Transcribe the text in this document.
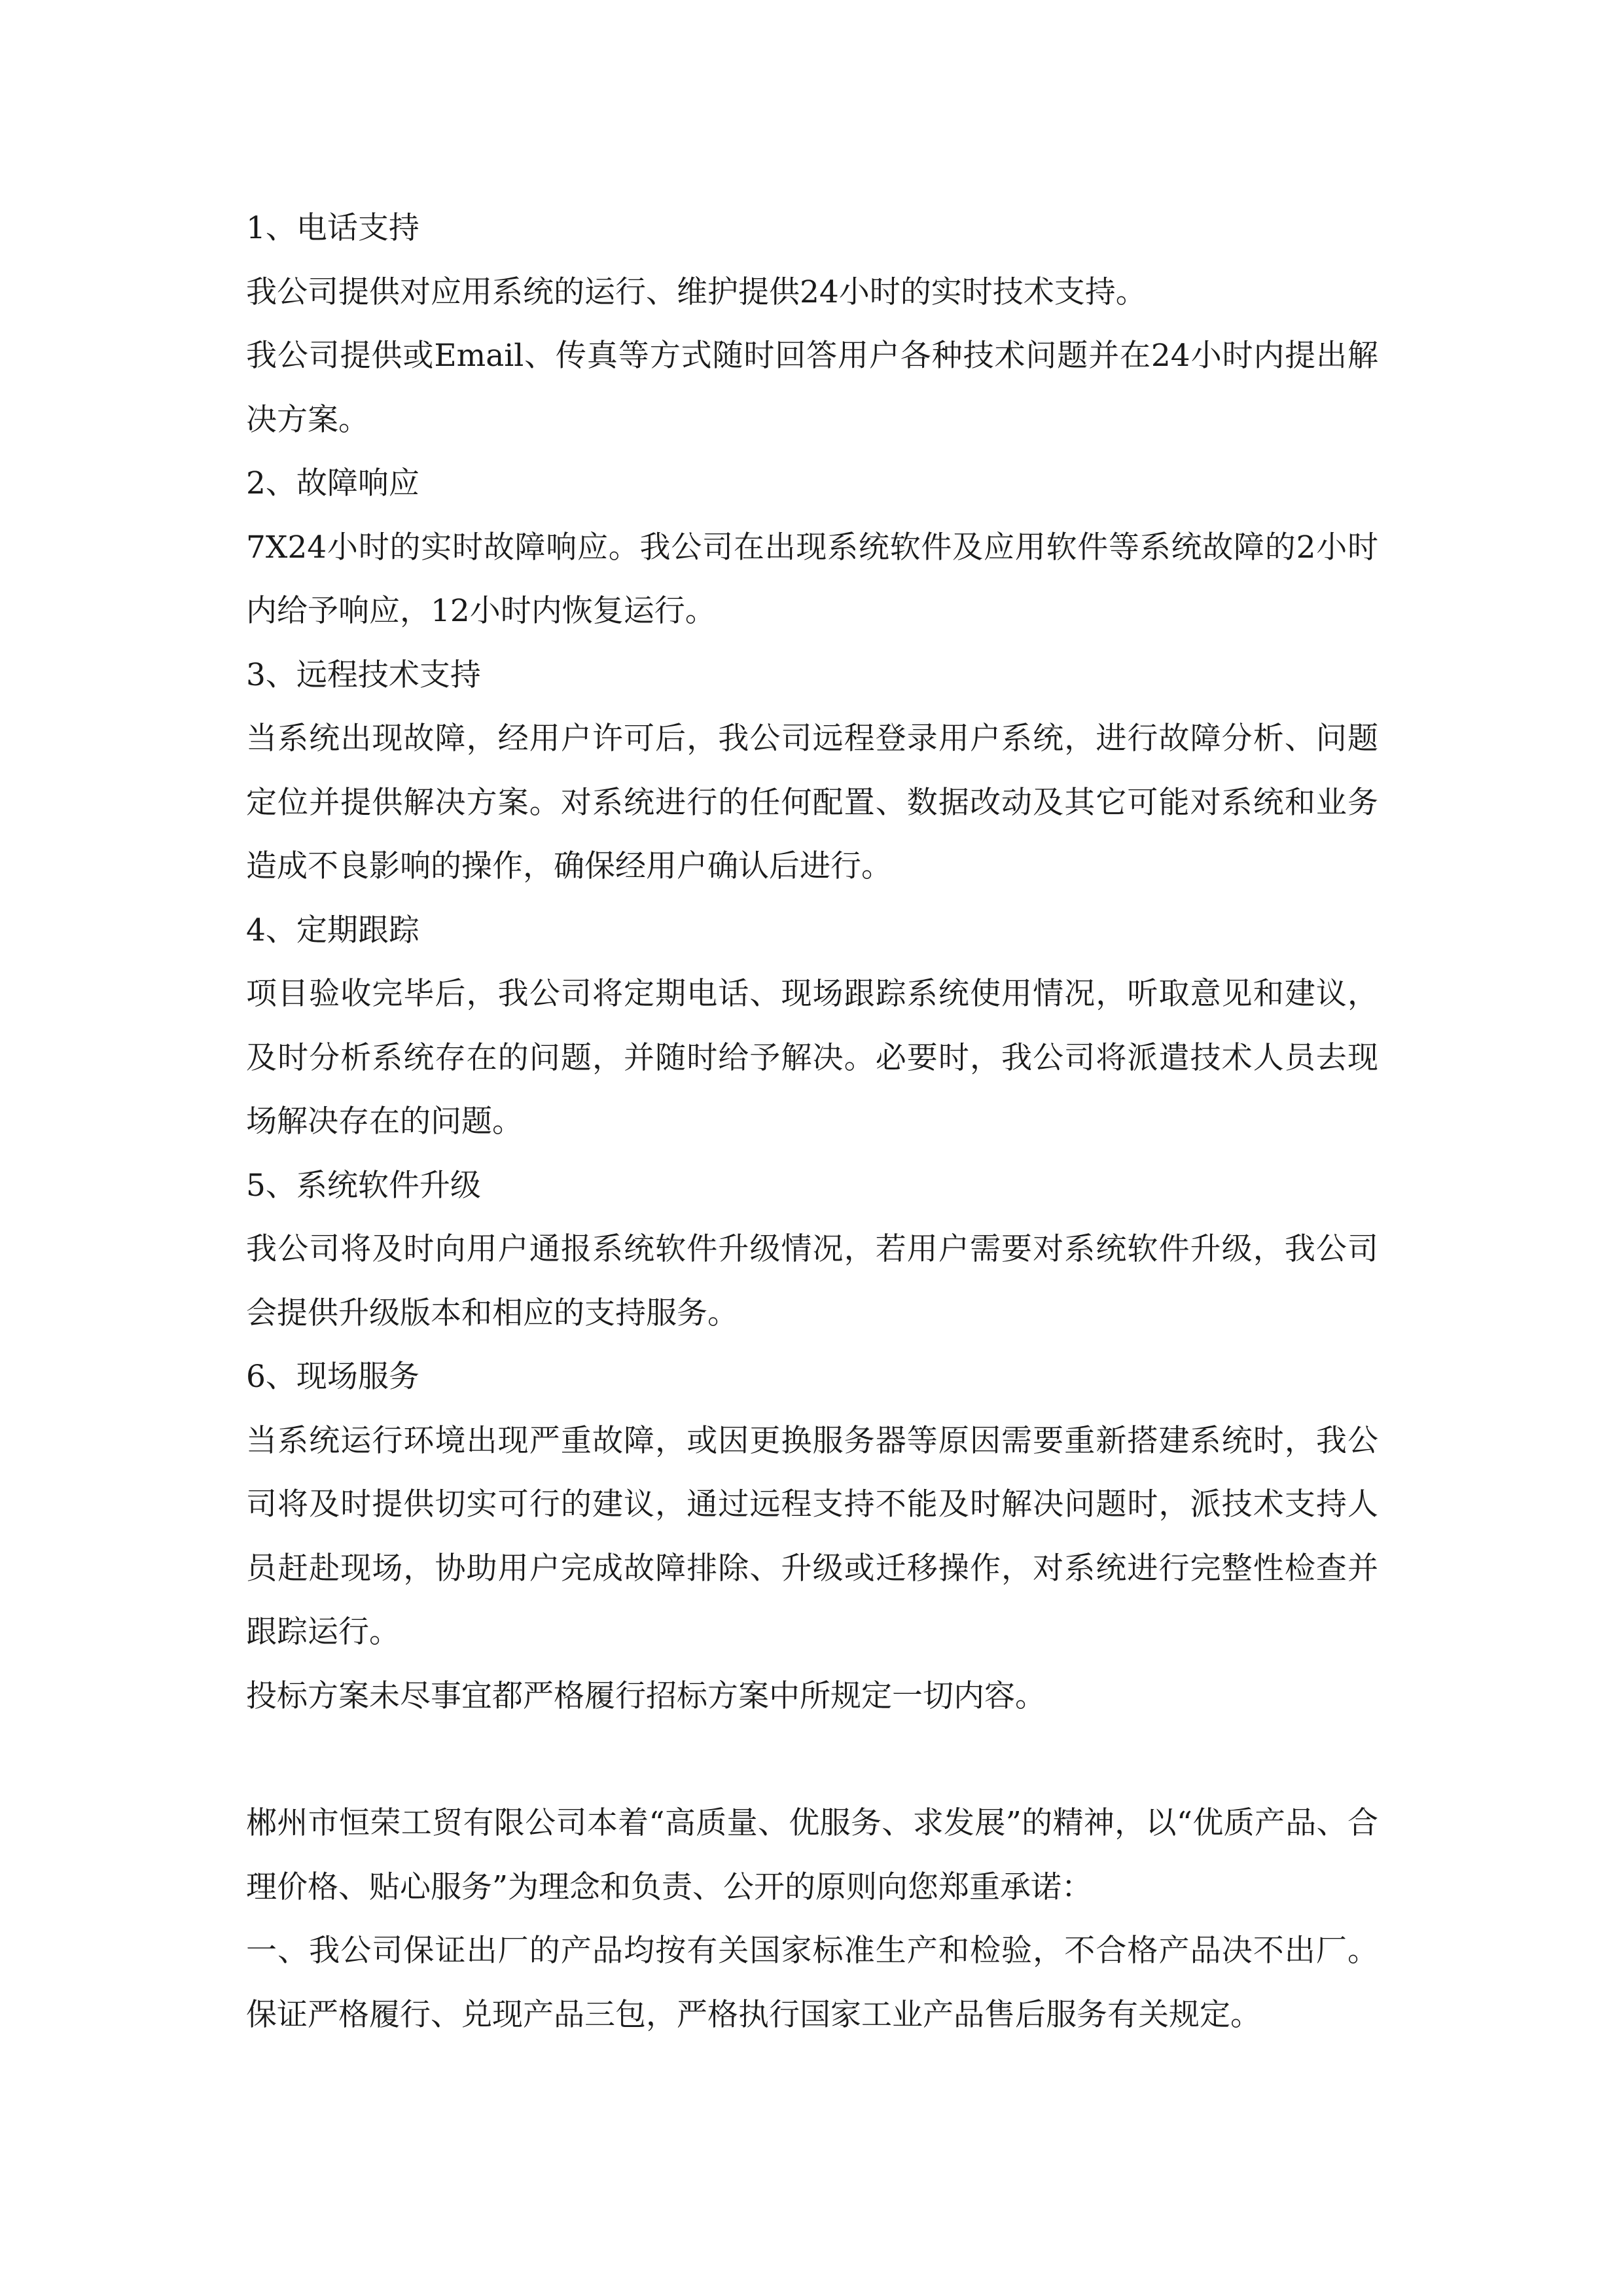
1、电话支持

我公司提供对应用系统的运行、维护提供24小时的实时技术支持。

我公司提供或Email、传真等方式随时回答用户各种技术问题并在24小时内提出解决方案。

2、故障响应

7X24小时的实时故障响应。我公司在出现系统软件及应用软件等系统故障的2小时内给予响应，12小时内恢复运行。

3、远程技术支持

当系统出现故障，经用户许可后，我公司远程登录用户系统，进行故障分析、问题定位并提供解决方案。对系统进行的任何配置、数据改动及其它可能对系统和业务造成不良影响的操作，确保经用户确认后进行。

4、定期跟踪

项目验收完毕后，我公司将定期电话、现场跟踪系统使用情况，听取意见和建议，及时分析系统存在的问题，并随时给予解决。必要时，我公司将派遣技术人员去现场解决存在的问题。

5、系统软件升级

我公司将及时向用户通报系统软件升级情况，若用户需要对系统软件升级，我公司会提供升级版本和相应的支持服务。

6、现场服务

当系统运行环境出现严重故障，或因更换服务器等原因需要重新搭建系统时，我公司将及时提供切实可行的建议，通过远程支持不能及时解决问题时，派技术支持人员赶赴现场，协助用户完成故障排除、升级或迁移操作，对系统进行完整性检查并跟踪运行。

投标方案未尽事宜都严格履行招标方案中所规定一切内容。

郴州市恒荣工贸有限公司本着“高质量、优服务、求发展”的精神，以“优质产品、合理价格、贴心服务”为理念和负责、公开的原则向您郑重承诺：

一、我公司保证出厂的产品均按有关国家标准生产和检验，不合格产品决不出厂。保证严格履行、兑现产品三包，严格执行国家工业产品售后服务有关规定。
